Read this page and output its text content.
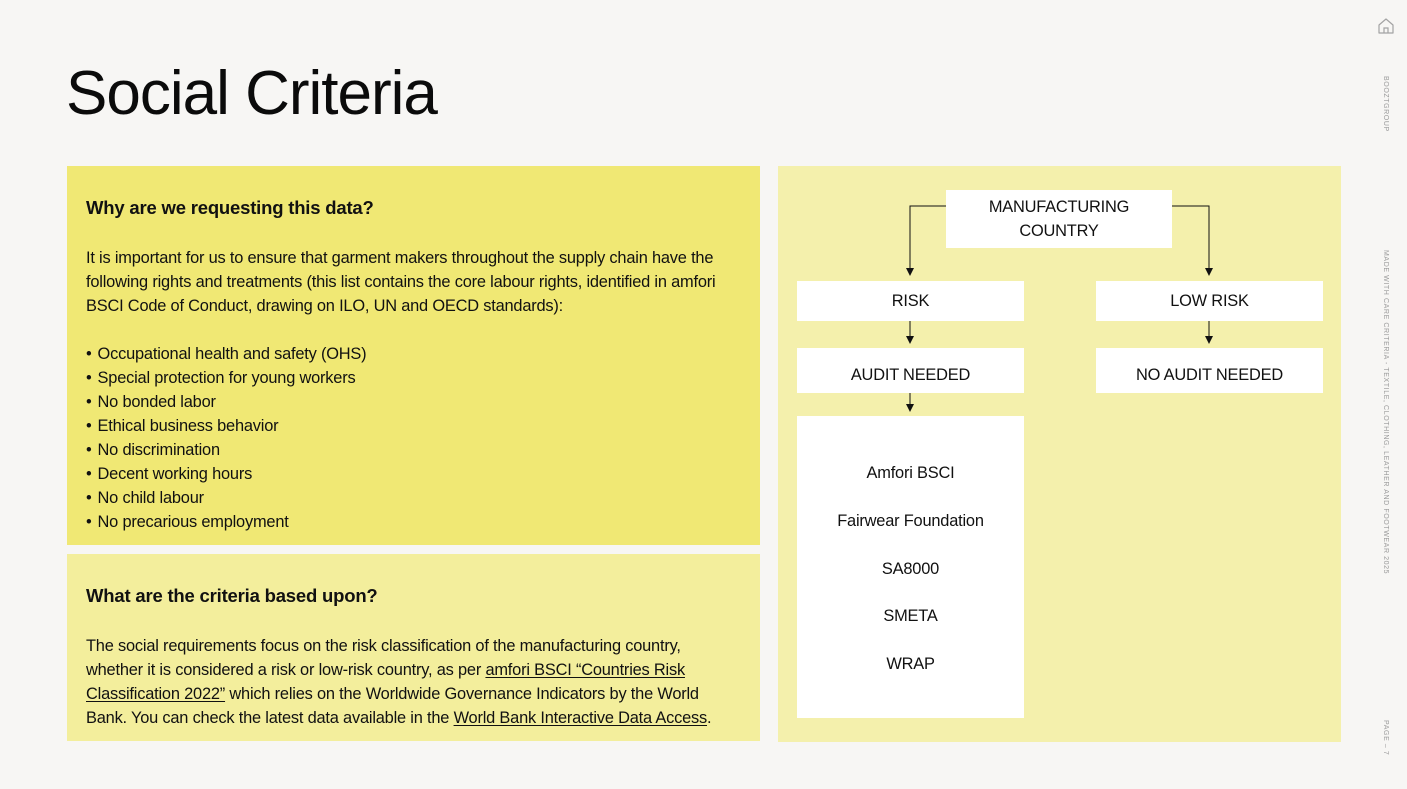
Social Criteria
Why are we requesting this data?

It is important for us to ensure that garment makers throughout the supply chain have the following rights and treatments (this list contains the core labour rights, identified in amfori BSCI Code of Conduct, drawing on ILO, UN and OECD standards):

• Occupational health and safety (OHS)
• Special protection for young workers
• No bonded labor
• Ethical business behavior
• No discrimination
• Decent working hours
• No child labour
• No precarious employment
What are the criteria based upon?

The social requirements focus on the risk classification of the manufacturing country, whether it is considered a risk or low-risk country, as per amfori BSCI “Countries Risk Classification 2022” which relies on the Worldwide Governance Indicators by the World Bank. You can check the latest data available in the World Bank Interactive Data Access.

MANUFACTURING
COUNTRY
RISK	LOW RISK
AUDIT NEEDED	NO AUDIT NEEDED
Amfori BSCI
Fairwear Foundation
SA8000
SMETA
WRAP
BOOZTGROUP
MADE WITH CARE CRITERIA - TEXTILE, CLOTHING, LEATHER AND FOOTWEAR 2025
PAGE – 7
